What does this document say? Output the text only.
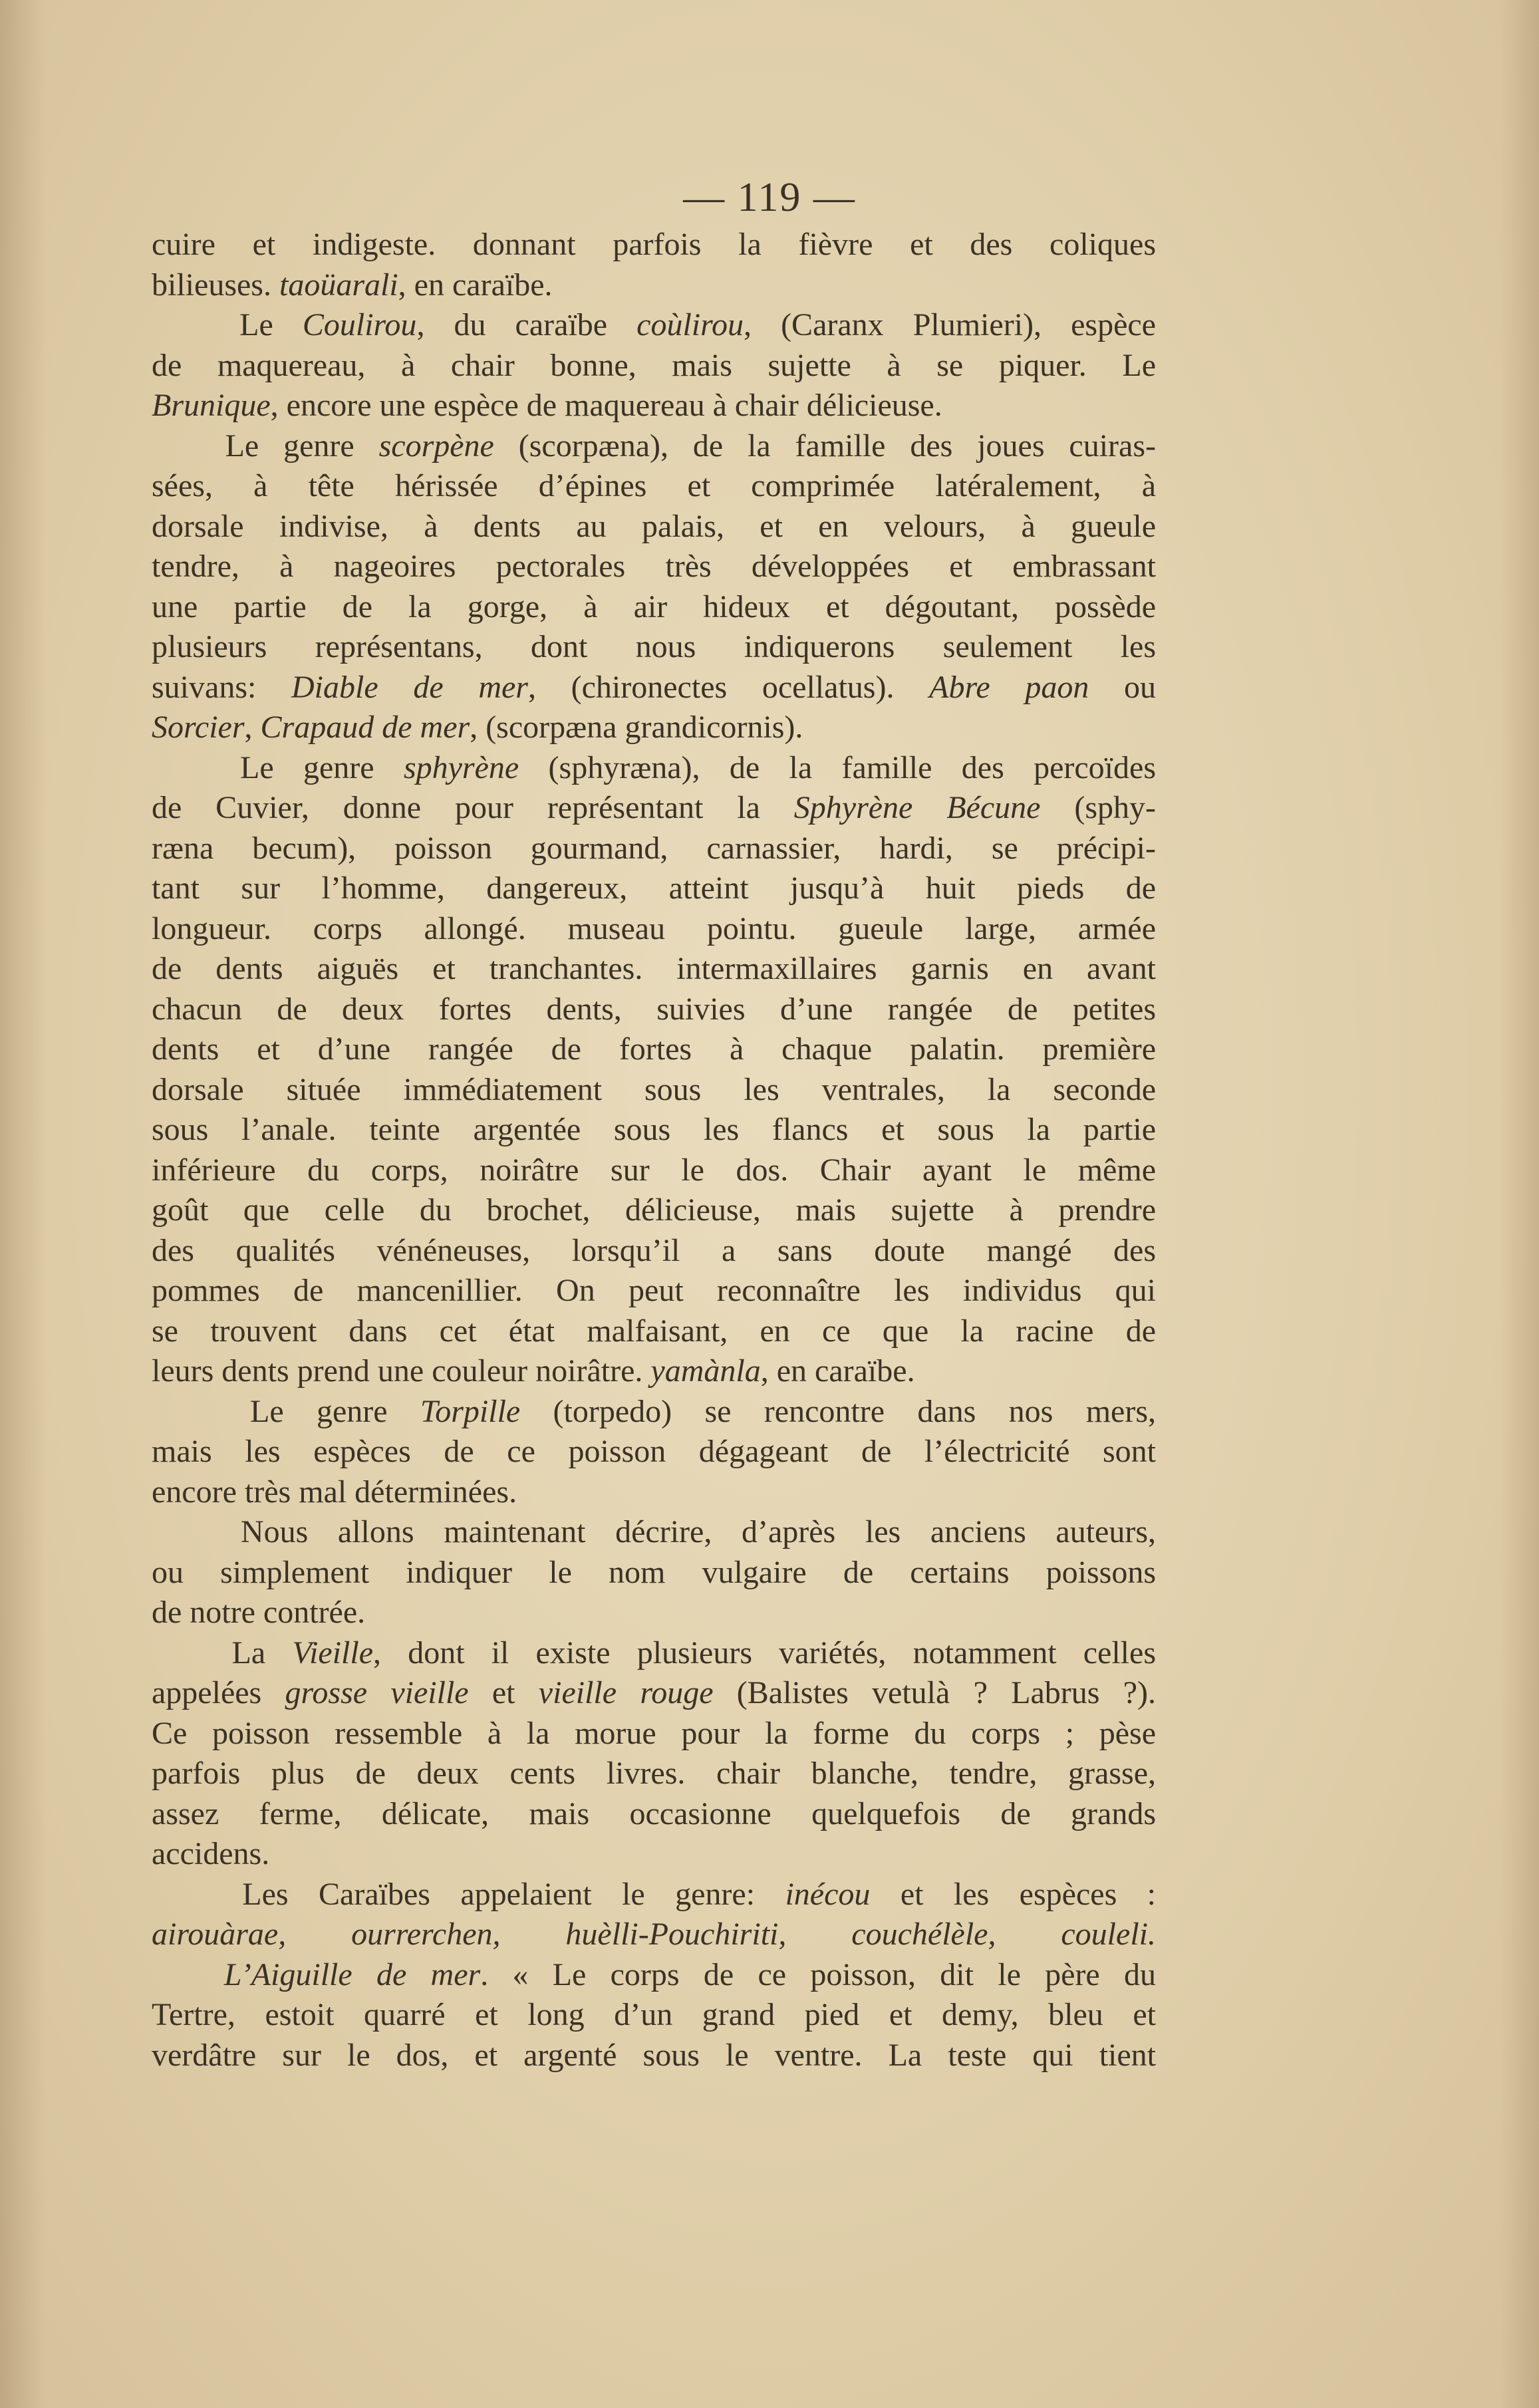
— 119 —
cuire et indigeste. donnant parfois la fièvre et des coliques
bilieuses. taoüarali, en caraïbe.
Le Coulirou, du caraïbe coùlirou, (Caranx Plumieri), espèce
de maquereau, à chair bonne, mais sujette à se piquer. Le
Brunique, encore une espèce de maquereau à chair délicieuse.
Le genre scorpène (scorpæna), de la famille des joues cuiras-
sées, à tête hérissée d’épines et comprimée latéralement, à
dorsale indivise, à dents au palais, et en velours, à gueule
tendre, à nageoires pectorales très développées et embrassant
une partie de la gorge, à air hideux et dégoutant, possède
plusieurs représentans, dont nous indiquerons seulement les
suivans: Diable de mer, (chironectes ocellatus). Abre paon ou
Sorcier, Crapaud de mer, (scorpæna grandicornis).
Le genre sphyrène (sphyræna), de la famille des percoïdes
de Cuvier, donne pour représentant la Sphyrène Bécune (sphy-
ræna becum), poisson gourmand, carnassier, hardi, se précipi-
tant sur l’homme, dangereux, atteint jusqu’à huit pieds de
longueur. corps allongé. museau pointu. gueule large, armée
de dents aiguës et tranchantes. intermaxillaires garnis en avant
chacun de deux fortes dents, suivies d’une rangée de petites
dents et d’une rangée de fortes à chaque palatin. première
dorsale située immédiatement sous les ventrales, la seconde
sous l’anale. teinte argentée sous les flancs et sous la partie
inférieure du corps, noirâtre sur le dos. Chair ayant le même
goût que celle du brochet, délicieuse, mais sujette à prendre
des qualités vénéneuses, lorsqu’il a sans doute mangé des
pommes de mancenillier. On peut reconnaître les individus qui
se trouvent dans cet état malfaisant, en ce que la racine de
leurs dents prend une couleur noirâtre. yamànla, en caraïbe.
Le genre Torpille (torpedo) se rencontre dans nos mers,
mais les espèces de ce poisson dégageant de l’électricité sont
encore très mal déterminées.
Nous allons maintenant décrire, d’après les anciens auteurs,
ou simplement indiquer le nom vulgaire de certains poissons
de notre contrée.
La Vieille, dont il existe plusieurs variétés, notamment celles
appelées grosse vieille et vieille rouge (Balistes vetulà ? Labrus ?).
Ce poisson ressemble à la morue pour la forme du corps ; pèse
parfois plus de deux cents livres. chair blanche, tendre, grasse,
assez ferme, délicate, mais occasionne quelquefois de grands
accidens.
Les Caraïbes appelaient le genre: inécou et les espèces :
airouàrae, ourrerchen, huèlli-Pouchiriti, couchélèle, couleli.
L’Aiguille de mer. « Le corps de ce poisson, dit le père du
Tertre, estoit quarré et long d’un grand pied et demy, bleu et
verdâtre sur le dos, et argenté sous le ventre. La teste qui tient
